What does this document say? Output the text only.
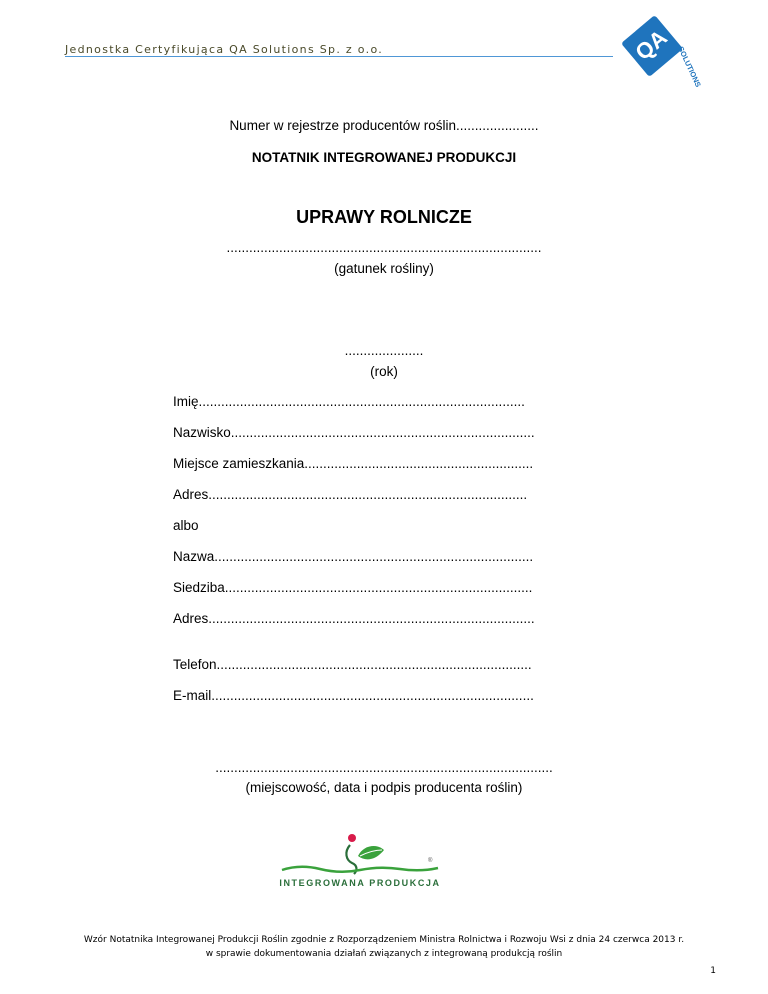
Jednostka Certyfikująca QA Solutions Sp. z o.o.	QA
SOLUTIONS
Numer w rejestrze producentów roślin......................
NOTATNIK INTEGROWANEJ PRODUKCJI
UPRAWY ROLNICZE
....................................................................................
(gatunek rośliny)
.....................
(rok)
Imię.......................................................................................
Nazwisko.................................................................................
Miejsce zamieszkania.............................................................
Adres.....................................................................................
albo
Nazwa.....................................................................................
Siedziba..................................................................................
Adres.......................................................................................
Telefon....................................................................................
E-mail......................................................................................
..........................................................................................
(miejscowość, data i podpis producenta roślin)
®
INTEGROWANA PRODUKCJA
Wzór Notatnika Integrowanej Produkcji Roślin zgodnie z Rozporządzeniem Ministra Rolnictwa i Rozwoju Wsi z dnia 24 czerwca 2013 r.
w sprawie dokumentowania działań związanych z integrowaną produkcją roślin
1
